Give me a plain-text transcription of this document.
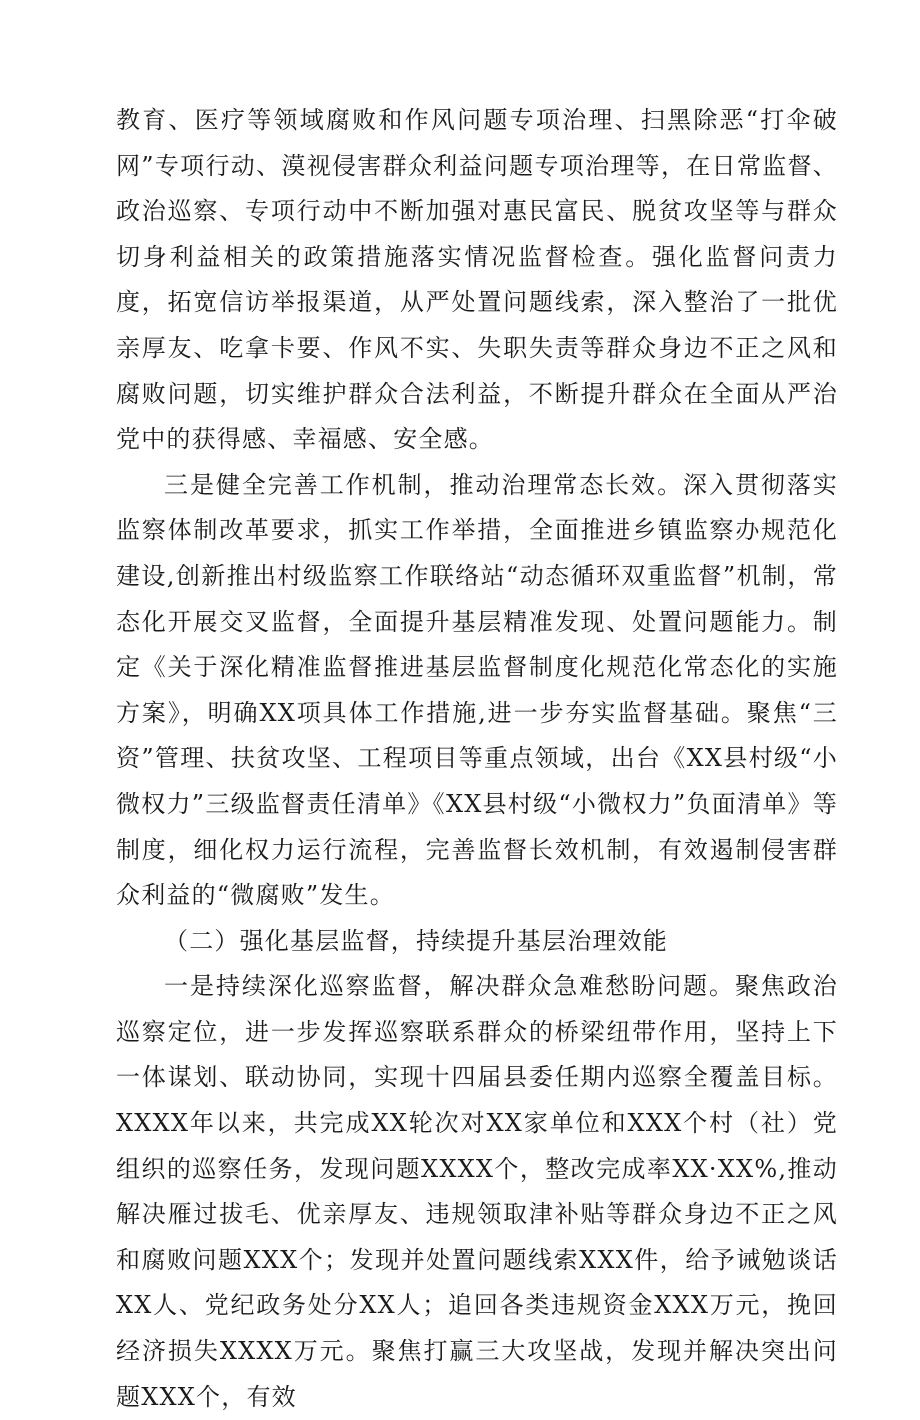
教育、医疗等领域腐败和作风问题专项治理、扫黑除恶“打伞破网”专项行动、漠视侵害群众利益问题专项治理等，在日常监督、政治巡察、专项行动中不断加强对惠民富民、脱贫攻坚等与群众切身利益相关的政策措施落实情况监督检查。强化监督问责力度，拓宽信访举报渠道，从严处置问题线索，深入整治了一批优亲厚友、吃拿卡要、作风不实、失职失责等群众身边不正之风和腐败问题，切实维护群众合法利益，不断提升群众在全面从严治党中的获得感、幸福感、安全感。

三是健全完善工作机制，推动治理常态长效。深入贯彻落实监察体制改革要求，抓实工作举措，全面推进乡镇监察办规范化建设,创新推出村级监察工作联络站“动态循环双重监督”机制，常态化开展交叉监督，全面提升基层精准发现、处置问题能力。制定《关于深化精准监督推进基层监督制度化规范化常态化的实施方案》，明确XX项具体工作措施,进一步夯实监督基础。聚焦“三资”管理、扶贫攻坚、工程项目等重点领域，出台《XX县村级“小微权力”三级监督责任清单》《XX县村级“小微权力”负面清单》等制度，细化权力运行流程，完善监督长效机制，有效遏制侵害群众利益的“微腐败”发生。

（二）强化基层监督，持续提升基层治理效能

一是持续深化巡察监督，解决群众急难愁盼问题。聚焦政治巡察定位，进一步发挥巡察联系群众的桥梁纽带作用，坚持上下一体谋划、联动协同，实现十四届县委任期内巡察全覆盖目标。XXXX年以来，共完成XX轮次对XX家单位和XXX个村（社）党组织的巡察任务，发现问题XXXX个，整改完成率XX·XX%,推动解决雁过拔毛、优亲厚友、违规领取津补贴等群众身边不正之风和腐败问题XXX个；发现并处置问题线索XXX件，给予诫勉谈话XX人、党纪政务处分XX人；追回各类违规资金XXX万元，挽回经济损失XXXX万元。聚焦打赢三大攻坚战，发现并解决突出问题XXX个，有效
